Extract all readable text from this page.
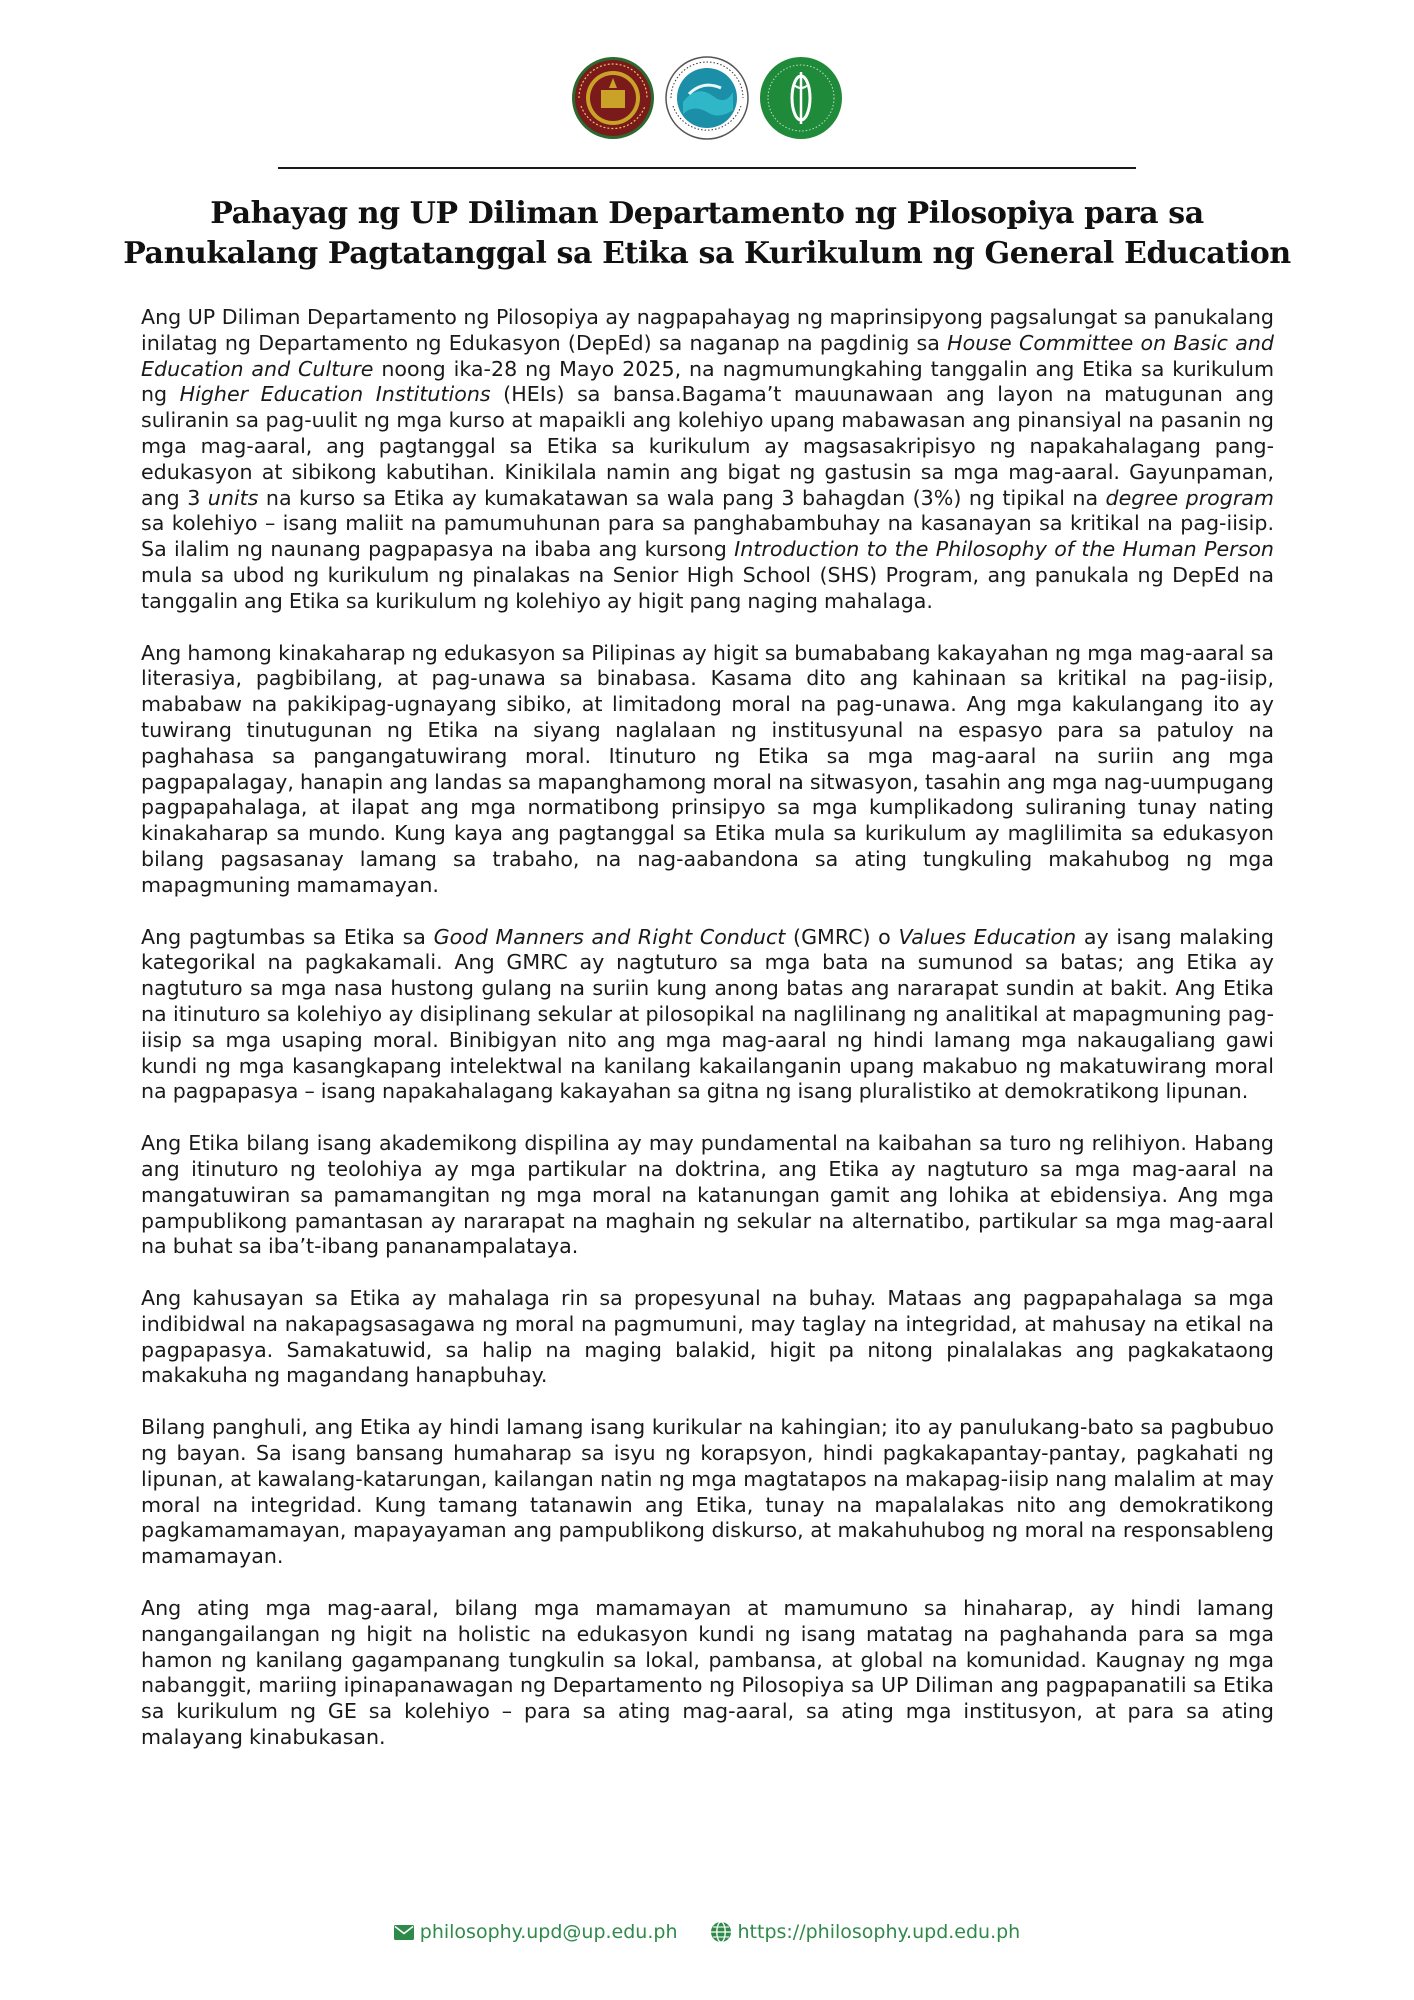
Pahayag ng UP Diliman Departamento ng Pilosopiya para sa
Panukalang Pagtatanggal sa Etika sa Kurikulum ng General Education

Ang UP Diliman Departamento ng Pilosopiya ay nagpapahayag ng maprinsipyong pagsalungat sa panukalang inilatag ng Departamento ng Edukasyon (DepEd) sa naganap na pagdinig sa House Committee on Basic and Education and Culture noong ika-28 ng Mayo 2025, na nagmumungkahing tanggalin ang Etika sa kurikulum ng Higher Education Institutions (HEIs) sa bansa.Bagama’t mauunawaan ang layon na matugunan ang suliranin sa pag-uulit ng mga kurso at mapaikli ang kolehiyo upang mabawasan ang pinansiyal na pasanin ng mga mag-aaral, ang pagtanggal sa Etika sa kurikulum ay magsasakripisyo ng napakahalagang pang-edukasyon at sibikong kabutihan. Kinikilala namin ang bigat ng gastusin sa mga mag-aaral. Gayunpaman, ang 3 units na kurso sa Etika ay kumakatawan sa wala pang 3 bahagdan (3%) ng tipikal na degree program sa kolehiyo – isang maliit na pamumuhunan para sa panghabambuhay na kasanayan sa kritikal na pag-iisip. Sa ilalim ng naunang pagpapasya na ibaba ang kursong Introduction to the Philosophy of the Human Person mula sa ubod ng kurikulum ng pinalakas na Senior High School (SHS) Program, ang panukala ng DepEd na tanggalin ang Etika sa kurikulum ng kolehiyo ay higit pang naging mahalaga.

Ang hamong kinakaharap ng edukasyon sa Pilipinas ay higit sa bumababang kakayahan ng mga mag-aaral sa literasiya, pagbibilang, at pag-unawa sa binabasa. Kasama dito ang kahinaan sa kritikal na pag-iisip, mababaw na pakikipag-ugnayang sibiko, at limitadong moral na pag-unawa. Ang mga kakulangang ito ay tuwirang tinutugunan ng Etika na siyang naglalaan ng institusyunal na espasyo para sa patuloy na paghahasa sa pangangatuwirang moral. Itinuturo ng Etika sa mga mag-aaral na suriin ang mga pagpapalagay, hanapin ang landas sa mapanghamong moral na sitwasyon, tasahin ang mga nag-uumpugang pagpapahalaga, at ilapat ang mga normatibong prinsipyo sa mga kumplikadong suliraning tunay nating kinakaharap sa mundo. Kung kaya ang pagtanggal sa Etika mula sa kurikulum ay maglilimita sa edukasyon bilang pagsasanay lamang sa trabaho, na nag-aabandona sa ating tungkuling makahubog ng mga mapagmuning mamamayan.

Ang pagtumbas sa Etika sa Good Manners and Right Conduct (GMRC) o Values Education ay isang malaking kategorikal na pagkakamali. Ang GMRC ay nagtuturo sa mga bata na sumunod sa batas; ang Etika ay nagtuturo sa mga nasa hustong gulang na suriin kung anong batas ang nararapat sundin at bakit. Ang Etika na itinuturo sa kolehiyo ay disiplinang sekular at pilosopikal na naglilinang ng analitikal at mapagmuning pag-iisip sa mga usaping moral. Binibigyan nito ang mga mag-aaral ng hindi lamang mga nakaugaliang gawi kundi ng mga kasangkapang intelektwal na kanilang kakailanganin upang makabuo ng makatuwirang moral na pagpapasya – isang napakahalagang kakayahan sa gitna ng isang pluralistiko at demokratikong lipunan.

Ang Etika bilang isang akademikong dispilina ay may pundamental na kaibahan sa turo ng relihiyon. Habang ang itinuturo ng teolohiya ay mga partikular na doktrina, ang Etika ay nagtuturo sa mga mag-aaral na mangatuwiran sa pamamangitan ng mga moral na katanungan gamit ang lohika at ebidensiya. Ang mga pampublikong pamantasan ay nararapat na maghain ng sekular na alternatibo, partikular sa mga mag-aaral na buhat sa iba’t-ibang pananampalataya.

Ang kahusayan sa Etika ay mahalaga rin sa propesyunal na buhay. Mataas ang pagpapahalaga sa mga indibidwal na nakapagsasagawa ng moral na pagmumuni, may taglay na integridad, at mahusay na etikal na pagpapasya. Samakatuwid, sa halip na maging balakid, higit pa nitong pinalalakas ang pagkakataong makakuha ng magandang hanapbuhay.

Bilang panghuli, ang Etika ay hindi lamang isang kurikular na kahingian; ito ay panulukang-bato sa pagbubuo ng bayan. Sa isang bansang humaharap sa isyu ng korapsyon, hindi pagkakapantay-pantay, pagkahati ng lipunan, at kawalang-katarungan, kailangan natin ng mga magtatapos na makapag-iisip nang malalim at may moral na integridad. Kung tamang tatanawin ang Etika, tunay na mapalalakas nito ang demokratikong pagkamamamayan, mapayayaman ang pampublikong diskurso, at makahuhubog ng moral na responsableng mamamayan.

Ang ating mga mag-aaral, bilang mga mamamayan at mamumuno sa hinaharap, ay hindi lamang nangangailangan ng higit na holistic na edukasyon kundi ng isang matatag na paghahanda para sa mga hamon ng kanilang gagampanang tungkulin sa lokal, pambansa, at global na komunidad. Kaugnay ng mga nabanggit, mariing ipinapanawagan ng Departamento ng Pilosopiya sa UP Diliman ang pagpapanatili sa Etika sa kurikulum ng GE sa kolehiyo – para sa ating mag-aaral, sa ating mga institusyon, at para sa ating malayang kinabukasan.

philosophy.upd@up.edu.ph	https://philosophy.upd.edu.ph
